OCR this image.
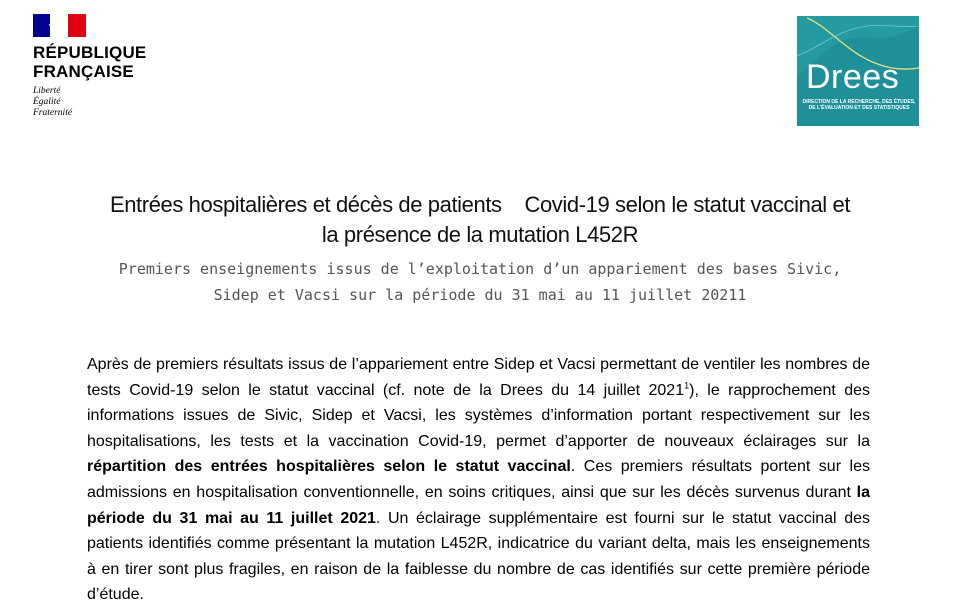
RÉPUBLIQUE
FRANÇAISE
Liberté
Égalité
Fraternité
Drees
DIRECTION DE LA RECHERCHE, DES ÉTUDES,
DE L'ÉVALUATION ET DES STATISTIQUES
Entrées hospitalières et décès de patients    Covid-19 selon le statut vaccinal et
la présence de la mutation L452R
Premiers enseignements issus de l’exploitation d’un appariement des bases Sivic,
Sidep et Vacsi sur la période du 31 mai au 11 juillet 20211
Après de premiers résultats issus de l’appariement entre Sidep et Vacsi permettant de ventiler les nombres de tests Covid-19 selon le statut vaccinal (cf. note de la Drees du 14 juillet 2021$^1$), le rapprochement des informations issues de Sivic, Sidep et Vacsi, les systèmes d’information portant respectivement sur les hospitalisations, les tests et la vaccination Covid-19, permet d’apporter de nouveaux éclairages sur la répartition des entrées hospitalières selon le statut vaccinal. Ces premiers résultats portent sur les admissions en hospitalisation conventionnelle, en soins critiques, ainsi que sur les décès survenus durant la période du 31 mai au 11 juillet 2021. Un éclairage supplémentaire est fourni sur le statut vaccinal des patients identifiés comme présentant la mutation L452R, indicatrice du variant delta, mais les enseignements à en tirer sont plus fragiles, en raison de la faiblesse du nombre de cas identifiés sur cette première période d’étude.
